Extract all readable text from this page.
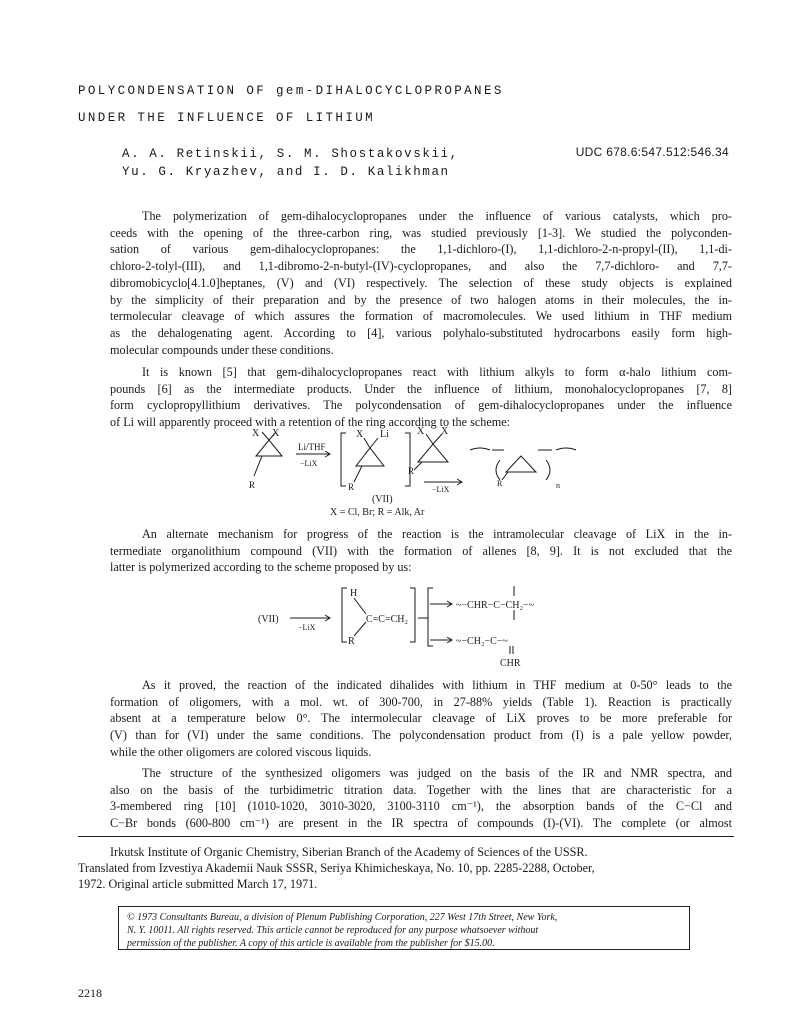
POLYCONDENSATION OF gem-DIHALOCYCLOPROPANES
UNDER THE INFLUENCE OF LITHIUM
A. A. Retinskii, S. M. Shostakovskii,
Yu. G. Kryazhev, and I. D. Kalikhman
UDC 678.6:547.512:546.34
The polymerization of gem-dihalocyclopropanes under the influence of various catalysts, which pro-
ceeds with the opening of the three-carbon ring, was studied previously [1-3]. We studied the polyconden-
sation of various gem-dihalocyclopropanes: the 1,1-dichloro-(I), 1,1-dichloro-2-n-propyl-(II), 1,1-di-
chloro-2-tolyl-(III), and 1,1-dibromo-2-n-butyl-(IV)-cyclopropanes, and also the 7,7-dichloro- and 7,7-
dibromobicyclo[4.1.0]heptanes, (V) and (VI) respectively. The selection of these study objects is explained
by the simplicity of their preparation and by the presence of two halogen atoms in their molecules, the in-
termolecular cleavage of which assures the formation of macromolecules. We used lithium in THF medium
as the dehalogenating agent. According to [4], various polyhalo-substituted hydrocarbons easily form high-
molecular compounds under these conditions.
It is known [5] that gem-dihalocyclopropanes react with lithium alkyls to form α-halo lithium com-
pounds [6] as the intermediate products. Under the influence of lithium, monohalocyclopropanes [7, 8]
form cyclopropyllithium derivatives. The polycondensation of gem-dihalocyclopropanes under the influence
of Li will apparently proceed with a retention of the ring according to the scheme:
X X
R
Li/THF
−LiX
X Li
R
X X
R
−LiX
R	n
(VII)
X = Cl, Br; R = Alk, Ar
An alternate mechanism for progress of the reaction is the intramolecular cleavage of LiX in the in-
termediate organolithium compound (VII) with the formation of allenes [8, 9]. It is not excluded that the
latter is polymerized according to the scheme proposed by us:
(VII)
−LiX
H
R
C=C=CH₂
~−CHR−C−CH₂−~
~−CH₂−C−~
CHR
As it proved, the reaction of the indicated dihalides with lithium in THF medium at 0-50° leads to the
formation of oligomers, with a mol. wt. of 300-700, in 27-88% yields (Table 1). Reaction is practically
absent at a temperature below 0°. The intermolecular cleavage of LiX proves to be more preferable for
(V) than for (VI) under the same conditions. The polycondensation product from (I) is a pale yellow powder,
while the other oligomers are colored viscous liquids.
The structure of the synthesized oligomers was judged on the basis of the IR and NMR spectra, and
also on the basis of the turbidimetric titration data. Together with the lines that are characteristic for a
3-membered ring [10] (1010-1020, 3010-3020, 3100-3110 cm⁻¹), the absorption bands of the C−Cl and
C−Br bonds (600-800 cm⁻¹) are present in the IR spectra of compounds (I)-(VI). The complete (or almost
Irkutsk Institute of Organic Chemistry, Siberian Branch of the Academy of Sciences of the USSR.
Translated from Izvestiya Akademii Nauk SSSR, Seriya Khimicheskaya, No. 10, pp. 2285-2288, October,
1972. Original article submitted March 17, 1971.
© 1973 Consultants Bureau, a division of Plenum Publishing Corporation, 227 West 17th Street, New York,
N. Y. 10011. All rights reserved. This article cannot be reproduced for any purpose whatsoever without
permission of the publisher. A copy of this article is available from the publisher for $15.00.
2218
